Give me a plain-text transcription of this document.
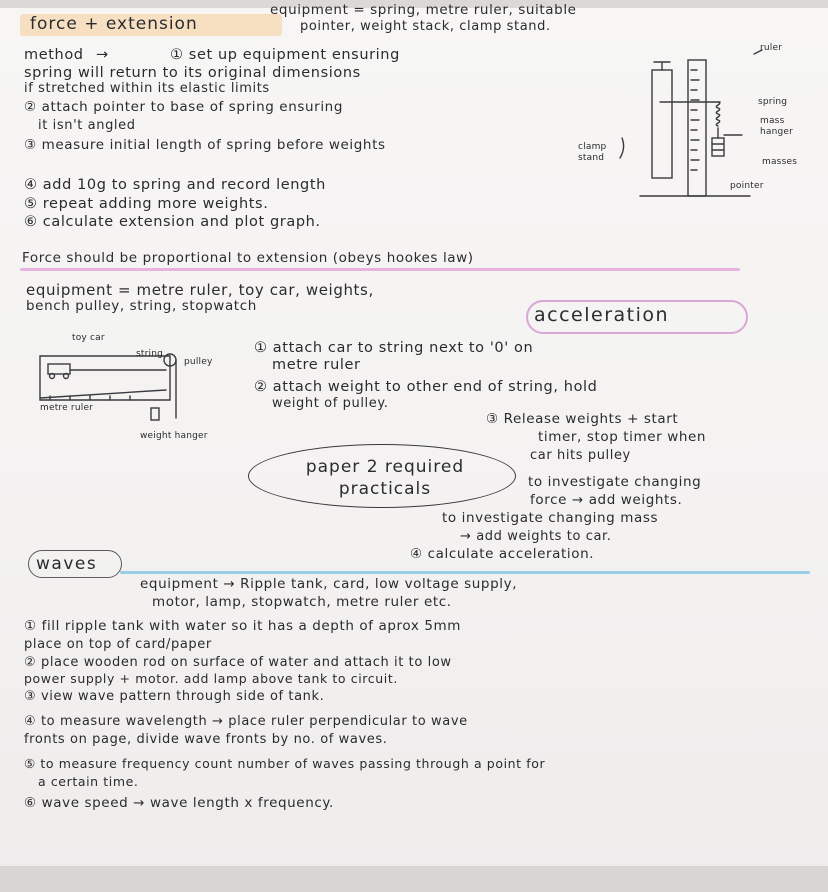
force + extension
equipment = spring, metre ruler, suitable
pointer, weight stack, clamp stand.
method →	① set up equipment ensuring
spring will return to its original dimensions
if stretched within its elastic limits
② attach pointer to base of spring ensuring
it isn't angled
③ measure initial length of spring before weights
④ add 10g to spring and record length
⑤ repeat adding more weights.
⑥ calculate extension and plot graph.
Force should be proportional to extension (obeys hookes law)
ruler
spring
mass hanger
masses
clamp stand
pointer
equipment = metre ruler, toy car, weights,
bench pulley, string, stopwatch	acceleration
toy car
string
pulley
metre ruler
weight hanger
① attach car to string next to '0' on
metre ruler
② attach weight to other end of string, hold
weight of pulley.
③ Release weights + start
timer, stop timer when
car hits pulley
paper 2 required practicals	to investigate changing
force → add weights.
to investigate changing mass
→ add weights to car.
④ calculate acceleration.
waves
equipment → Ripple tank, card, low voltage supply,
motor, lamp, stopwatch, metre ruler etc.
① fill ripple tank with water so it has a depth of aprox 5mm
place on top of card/paper
② place wooden rod on surface of water and attach it to low
power supply + motor. add lamp above tank to circuit.
③ view wave pattern through side of tank.
④ to measure wavelength → place ruler perpendicular to wave
fronts on page, divide wave fronts by no. of waves.
⑤ to measure frequency count number of waves passing through a point for
a certain time.
⑥ wave speed → wave length x frequency.
